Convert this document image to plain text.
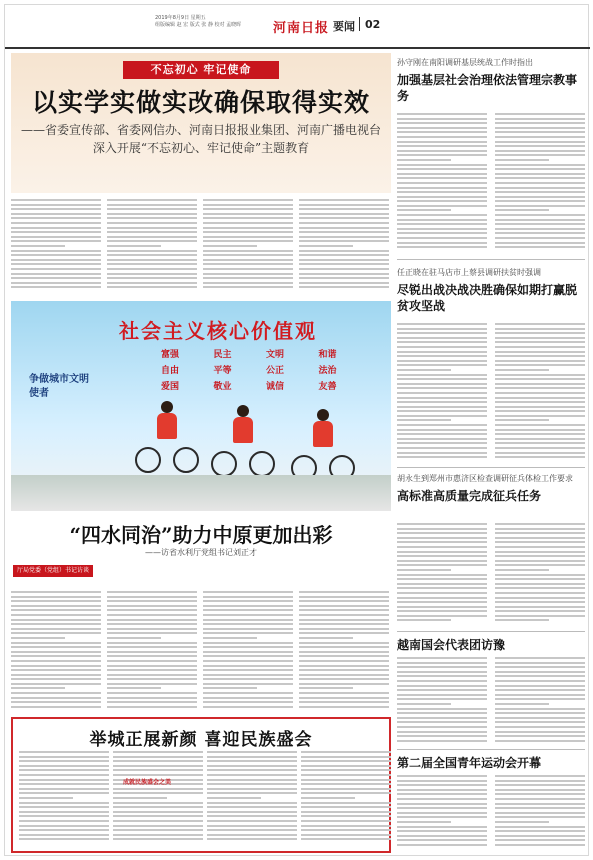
2019年8月9日 星期五
组版编辑 赵 宏 版式 张 静 校对 孟晓晖	河南日报 要闻 02
不忘初心 牢记使命
以实学实做实改确保取得实效
——省委宣传部、省委网信办、河南日报报业集团、河南广播电视台深入开展“不忘初心、牢记使命”主题教育
社会主义核心价值观
富强	民主	文明	和谐
自由	平等	公正	法治
爱国	敬业	诚信	友善
争做城市文明使者
“四水同治”助力中原更加出彩
——访省水利厅党组书记刘正才
厅局党委（党组）书记访谈
举城正展新颜 喜迎民族盛会
成就民族盛会之美
孙守刚在南阳调研基层统战工作时指出
加强基层社会治理依法管理宗教事务
任正晓在驻马店市上蔡县调研扶贫时强调
尽锐出战决战决胜确保如期打赢脱贫攻坚战
胡永生到郑州市惠济区检查调研征兵体检工作要求
高标准高质量完成征兵任务
越南国会代表团访豫
第二届全国青年运动会开幕
